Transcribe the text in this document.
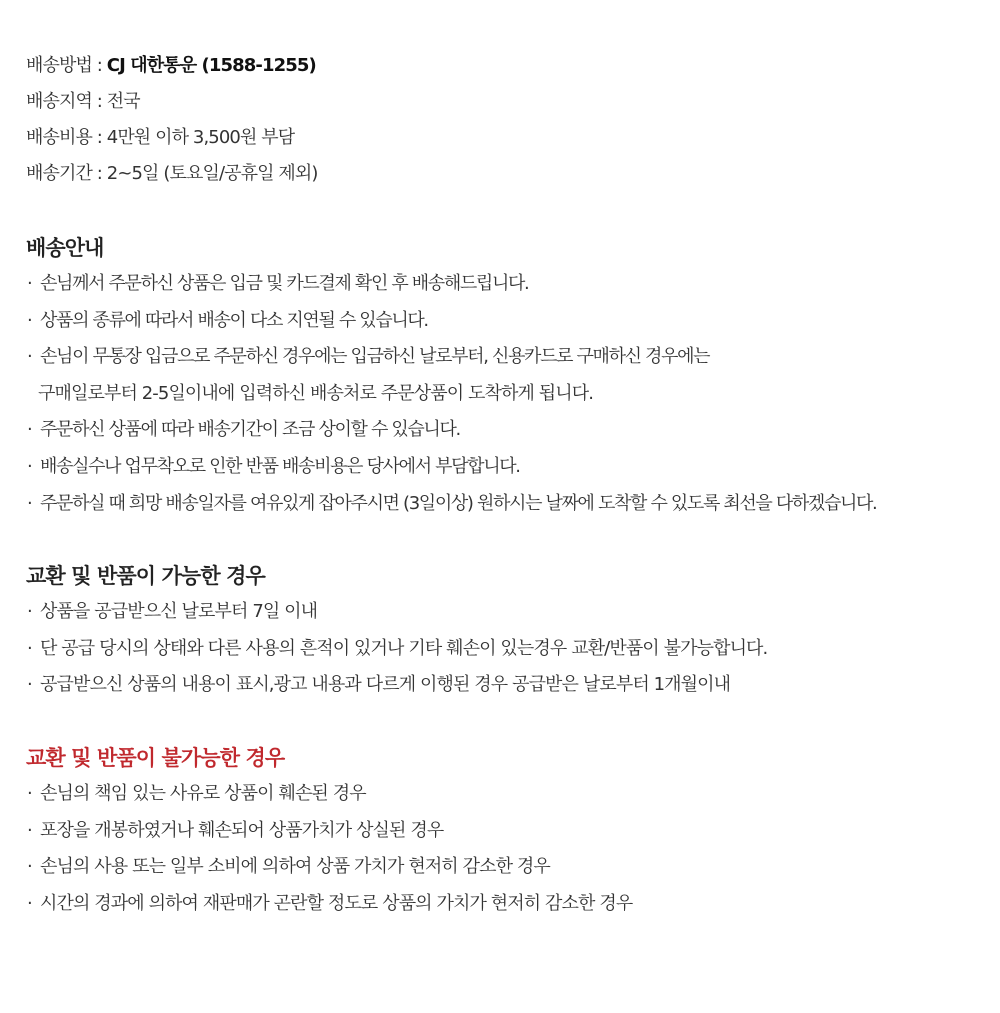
배송방법 : CJ 대한통운 (1588-1255)
배송지역 : 전국
배송비용 : 4만원 이하 3,500원 부담
배송기간 : 2~5일 (토요일/공휴일 제외)
배송안내
· 손님께서 주문하신 상품은 입금 및 카드결제 확인 후 배송해드립니다.
· 상품의 종류에 따라서 배송이 다소 지연될 수 있습니다.
· 손님이 무통장 입금으로 주문하신 경우에는 입금하신 날로부터, 신용카드로 구매하신 경우에는
구매일로부터 2-5일이내에 입력하신 배송처로 주문상품이 도착하게 됩니다.
· 주문하신 상품에 따라 배송기간이 조금 상이할 수 있습니다.
· 배송실수나 업무착오로 인한 반품 배송비용은 당사에서 부담합니다.
· 주문하실 때 희망 배송일자를 여유있게 잡아주시면 (3일이상) 원하시는 날짜에 도착할 수 있도록 최선을 다하겠습니다.
교환 및 반품이 가능한 경우
· 상품을 공급받으신 날로부터 7일 이내
· 단 공급 당시의 상태와 다른 사용의 흔적이 있거나 기타 훼손이 있는경우 교환/반품이 불가능합니다.
· 공급받으신 상품의 내용이 표시,광고 내용과 다르게 이행된 경우 공급받은 날로부터 1개월이내
교환 및 반품이 불가능한 경우
· 손님의 책임 있는 사유로 상품이 훼손된 경우
· 포장을 개봉하였거나 훼손되어 상품가치가 상실된 경우
· 손님의 사용 또는 일부 소비에 의하여 상품 가치가 현저히 감소한 경우
· 시간의 경과에 의하여 재판매가 곤란할 정도로 상품의 가치가 현저히 감소한 경우
